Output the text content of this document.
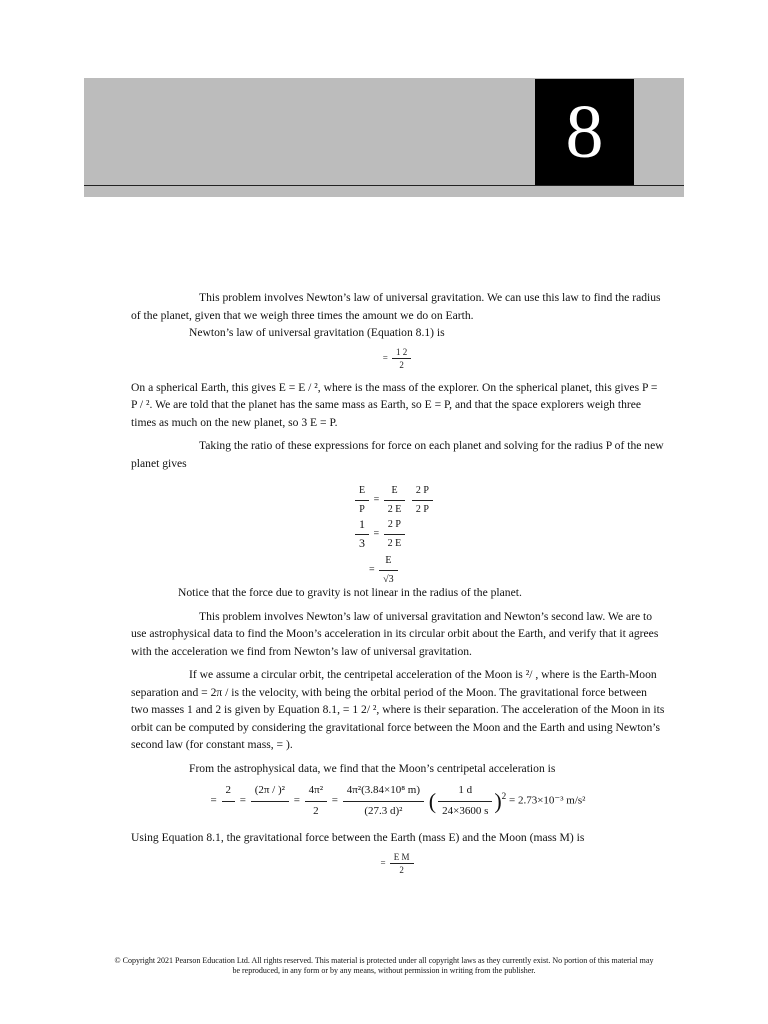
8

This problem involves Newton’s law of universal gravitation. We can use this law to find the radius of the planet, given that we weigh three times the amount we do on Earth.

Newton’s law of universal gravitation (Equation 8.1) is

= $\frac{1 2}{2}$

On a spherical Earth, this gives E = E / ², where is the mass of the explorer. On the spherical planet, this gives P = P / ². We are told that the planet has the same mass as Earth, so E = P, and that the space explorers weigh three times as much on the new planet, so 3 E = P.

Taking the ratio of these expressions for force on each planet and solving for the radius P of the new planet gives

$\frac{E}{P} = \frac{E}{2 E}$
$\frac{2 P}{2 P}$
$\frac{1}{3} = \frac{2 P}{2 E}$
= $\frac{E}{√3}$

Notice that the force due to gravity is not linear in the radius of the planet.

This problem involves Newton’s law of universal gravitation and Newton’s second law. We are to use astrophysical data to find the Moon’s acceleration in its circular orbit about the Earth, and verify that it agrees with the acceleration we find from Newton’s law of universal gravitation.

If we assume a circular orbit, the centripetal acceleration of the Moon is ²/ , where is the Earth-Moon separation and = 2π / is the velocity, with being the orbital period of the Moon. The gravitational force between two masses 1 and 2 is given by Equation 8.1, = 1 2/ ², where is their separation. The acceleration of the Moon in its orbit can be computed by considering the gravitational force between the Moon and the Earth and using Newton’s second law (for constant mass, = ).

From the astrophysical data, we find that the Moon’s centripetal acceleration is

=
2

=
(2π / )²

= $\frac{\text{4π²}}{2} = \frac{\text{4π²(3.84×10⁸ m)}}{\text{(27.3 d)²}}$ ( $\frac{1 d}{24\times 3600 s} )^2 = 2.73\times 10^{-3}$ m/s²

Using Equation 8.1, the gravitational force between the Earth (mass E) and the Moon (mass M) is

= $\frac{\text{E M}}{2}$
© Copyright 2021 Pearson Education Ltd. All rights reserved. This material is protected under all copyright laws as they currently exist. No portion of this material may
be reproduced, in any form or by any means, without permission in writing from the publisher.
